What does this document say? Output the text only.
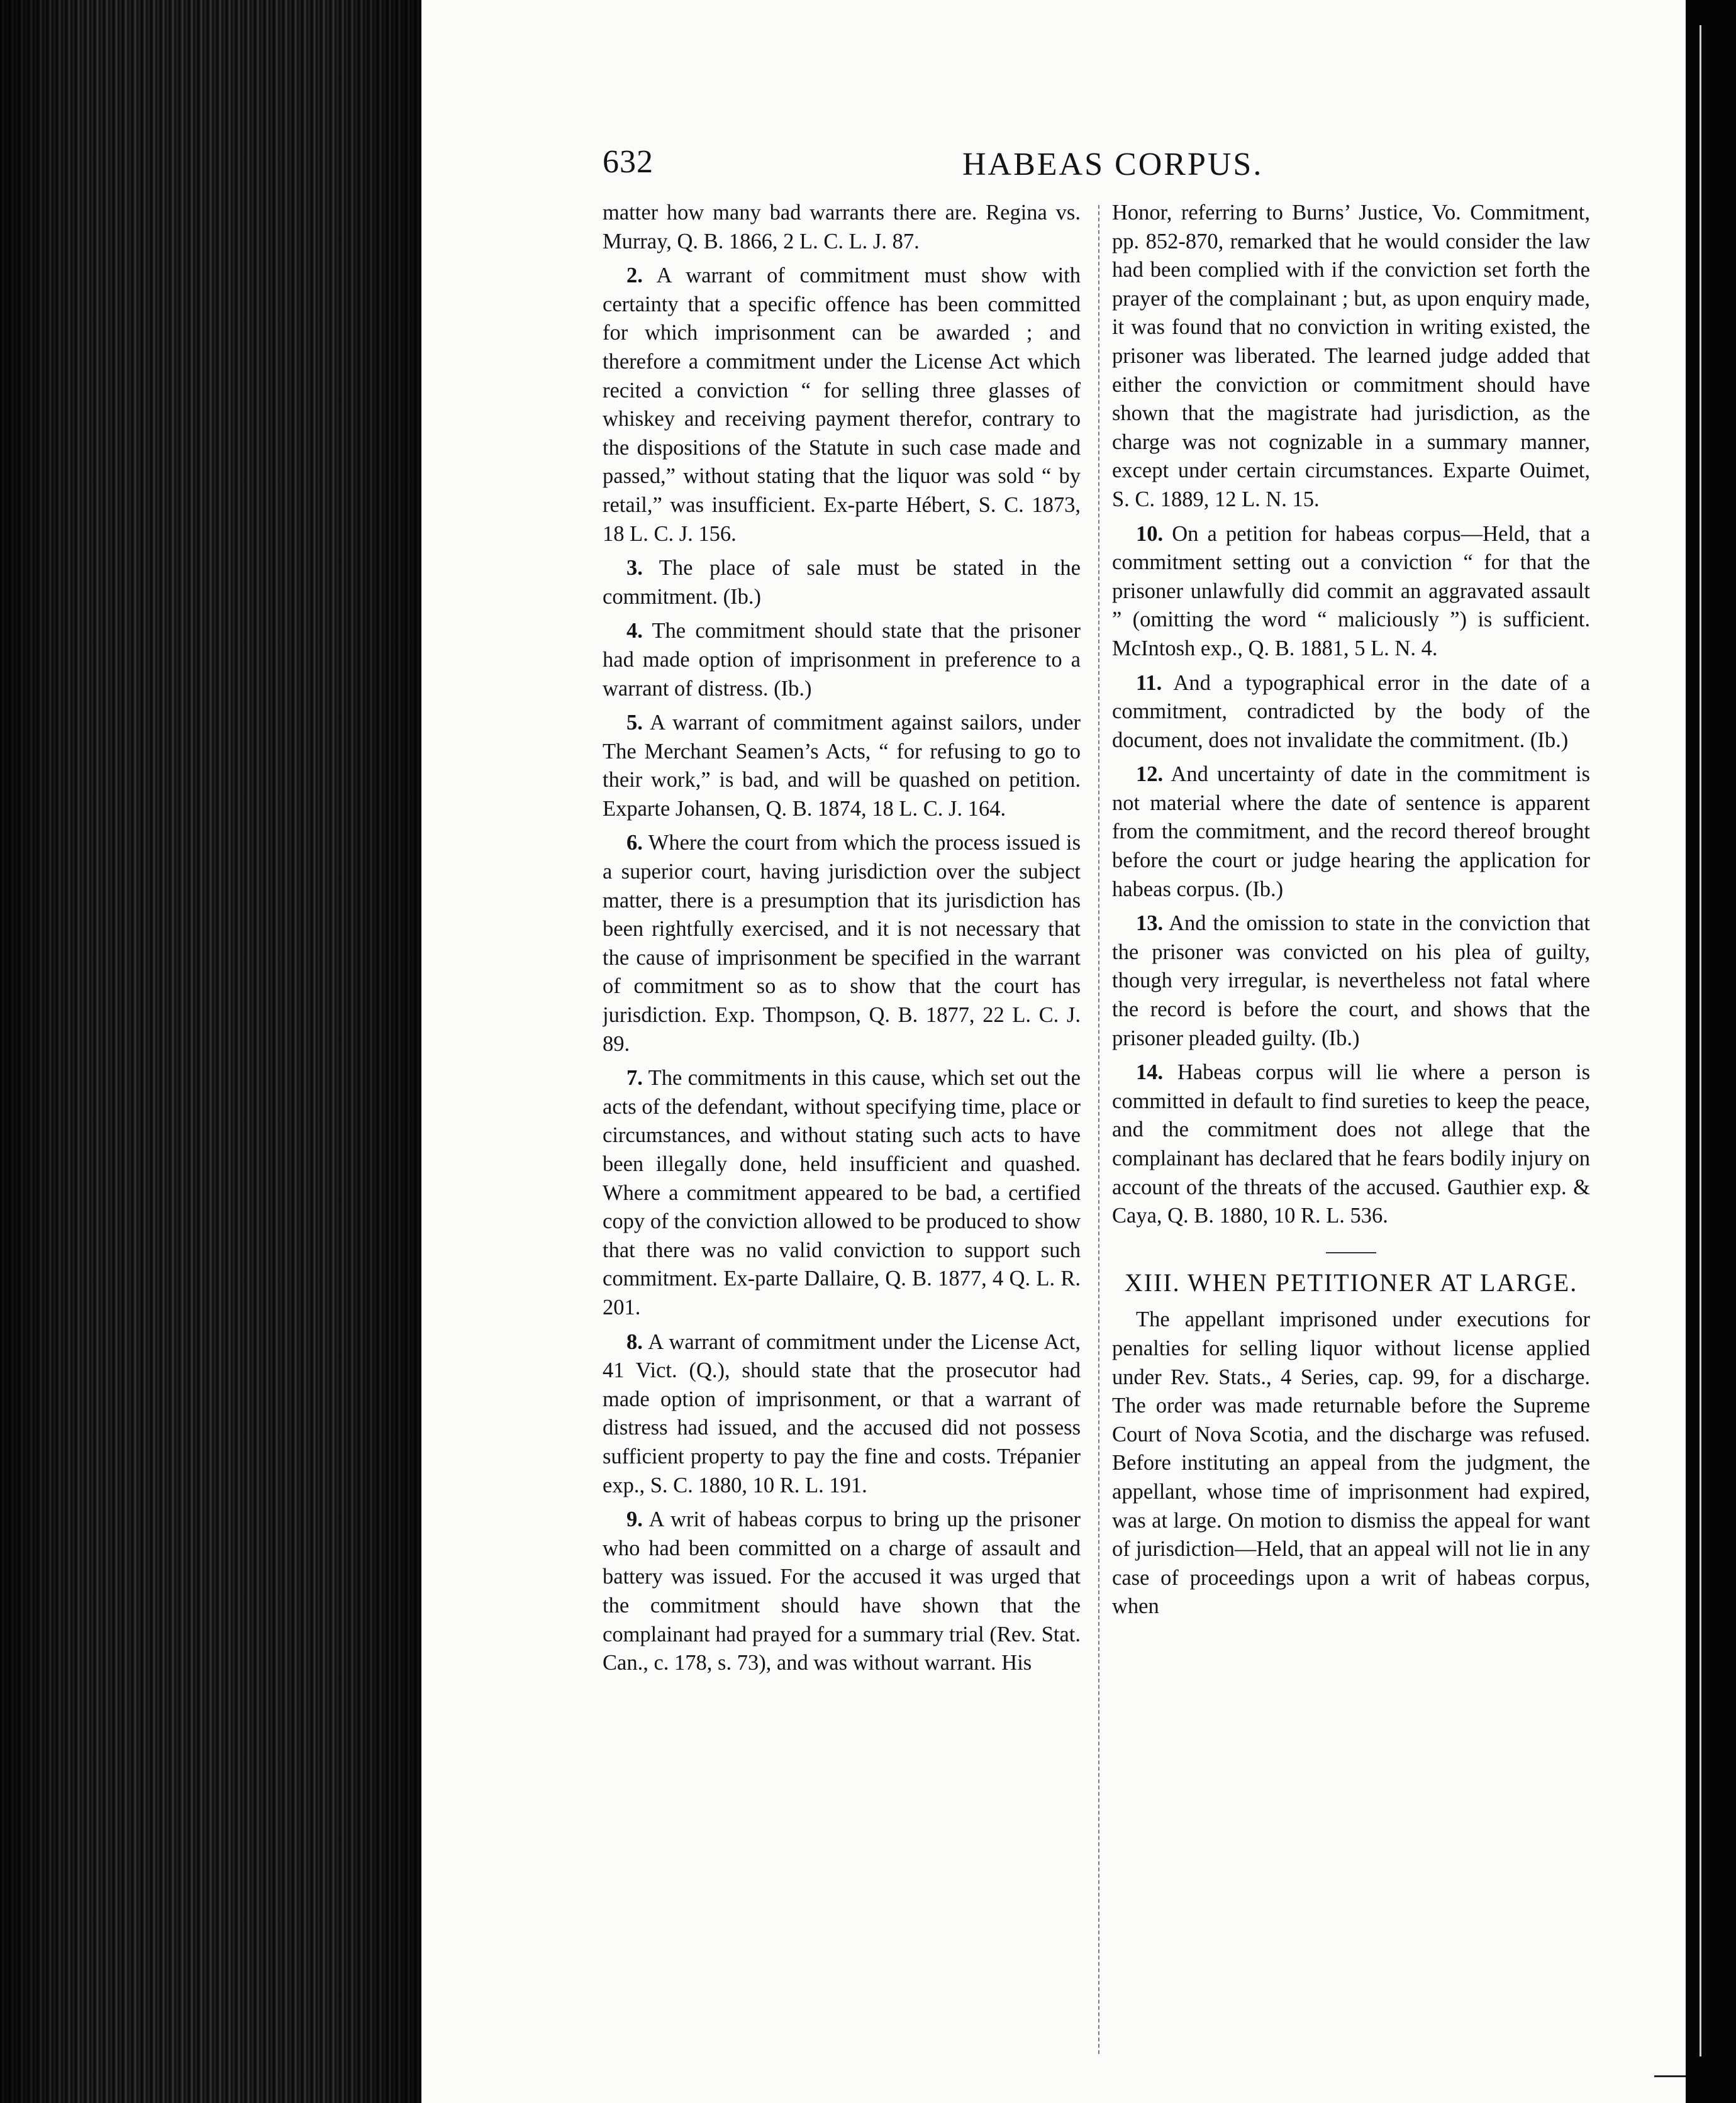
632	HABEAS CORPUS.

matter how many bad warrants there are. Regina vs. Murray, Q. B. 1866, 2 L. C. L. J. 87.

2. A warrant of commitment must show with certainty that a specific offence has been committed for which imprisonment can be awarded ; and therefore a commitment under the License Act which recited a conviction “ for selling three glasses of whiskey and receiving payment therefor, contrary to the dispositions of the Statute in such case made and passed,” without stating that the liquor was sold “ by retail,” was insufficient. Ex-parte Hébert, S. C. 1873, 18 L. C. J. 156.

3. The place of sale must be stated in the commitment. (Ib.)

4. The commitment should state that the prisoner had made option of imprisonment in preference to a warrant of distress. (Ib.)

5. A warrant of commitment against sailors, under The Merchant Seamen’s Acts, “ for refusing to go to their work,” is bad, and will be quashed on petition. Exparte Johansen, Q. B. 1874, 18 L. C. J. 164.

6. Where the court from which the process issued is a superior court, having jurisdiction over the subject matter, there is a presumption that its jurisdiction has been rightfully exercised, and it is not necessary that the cause of imprisonment be specified in the warrant of commitment so as to show that the court has jurisdiction. Exp. Thompson, Q. B. 1877, 22 L. C. J. 89.

7. The commitments in this cause, which set out the acts of the defendant, without specifying time, place or circumstances, and without stating such acts to have been illegally done, held insufficient and quashed. Where a commitment appeared to be bad, a certified copy of the conviction allowed to be produced to show that there was no valid conviction to support such commitment. Ex-parte Dallaire, Q. B. 1877, 4 Q. L. R. 201.

8. A warrant of commitment under the License Act, 41 Vict. (Q.), should state that the prosecutor had made option of imprisonment, or that a warrant of distress had issued, and the accused did not possess sufficient property to pay the fine and costs. Trépanier exp., S. C. 1880, 10 R. L. 191.

9. A writ of habeas corpus to bring up the prisoner who had been committed on a charge of assault and battery was issued. For the accused it was urged that the commitment should have shown that the complainant had prayed for a summary trial (Rev. Stat. Can., c. 178, s. 73), and was without warrant. His

Honor, referring to Burns’ Justice, Vo. Commitment, pp. 852-870, remarked that he would consider the law had been complied with if the conviction set forth the prayer of the complainant ; but, as upon enquiry made, it was found that no conviction in writing existed, the prisoner was liberated. The learned judge added that either the conviction or commitment should have shown that the magistrate had jurisdiction, as the charge was not cognizable in a summary manner, except under certain circumstances. Exparte Ouimet, S. C. 1889, 12 L. N. 15.

10. On a petition for habeas corpus—Held, that a commitment setting out a conviction “ for that the prisoner unlawfully did commit an aggravated assault ” (omitting the word “ maliciously ”) is sufficient. McIntosh exp., Q. B. 1881, 5 L. N. 4.

11. And a typographical error in the date of a commitment, contradicted by the body of the document, does not invalidate the commitment. (Ib.)

12. And uncertainty of date in the commitment is not material where the date of sentence is apparent from the commitment, and the record thereof brought before the court or judge hearing the application for habeas corpus. (Ib.)

13. And the omission to state in the conviction that the prisoner was convicted on his plea of guilty, though very irregular, is nevertheless not fatal where the record is before the court, and shows that the prisoner pleaded guilty. (Ib.)

14. Habeas corpus will lie where a person is committed in default to find sureties to keep the peace, and the commitment does not allege that the complainant has declared that he fears bodily injury on account of the threats of the accused. Gauthier exp. & Caya, Q. B. 1880, 10 R. L. 536.

XIII. WHEN PETITIONER AT LARGE.

The appellant imprisoned under executions for penalties for selling liquor without license applied under Rev. Stats., 4 Series, cap. 99, for a discharge. The order was made returnable before the Supreme Court of Nova Scotia, and the discharge was refused. Before instituting an appeal from the judgment, the appellant, whose time of imprisonment had expired, was at large. On motion to dismiss the appeal for want of jurisdiction—Held, that an appeal will not lie in any case of proceedings upon a writ of habeas corpus, when
